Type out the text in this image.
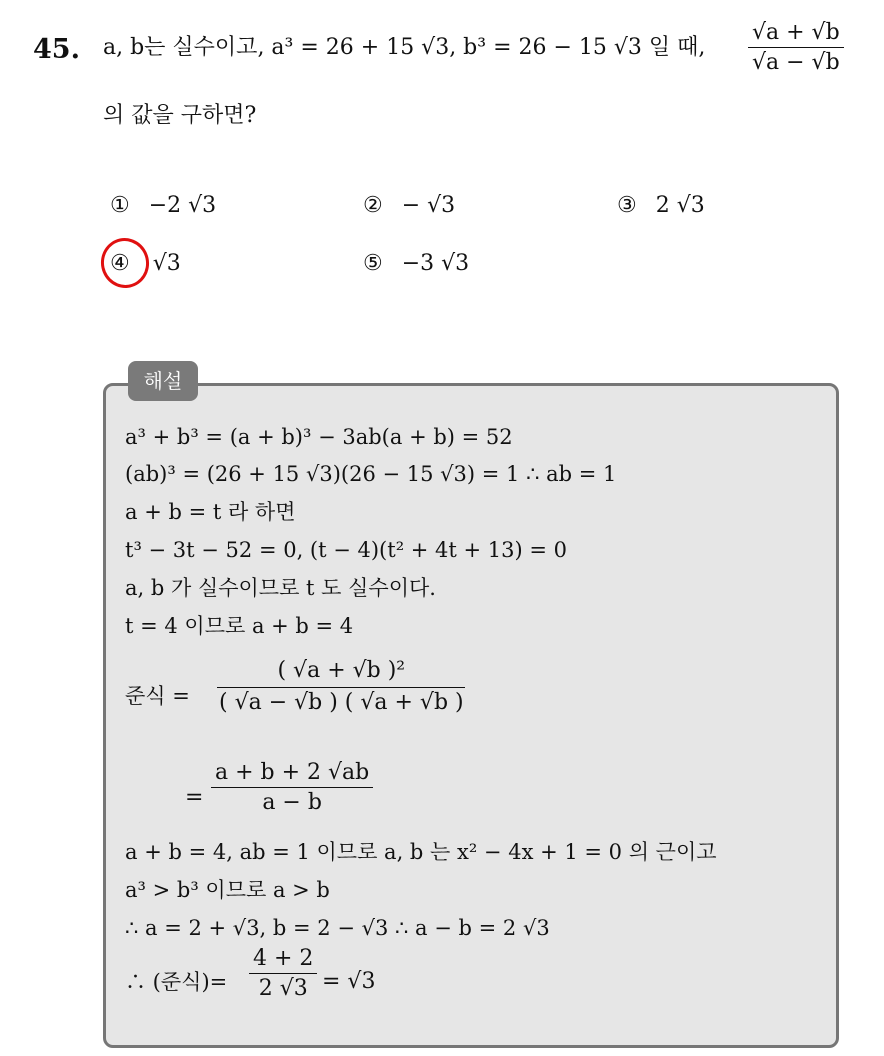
45. a, b는 실수이고, a³ = 26 + 15 √3, b³ = 26 − 15 √3 일 때, $\frac{√a + √b}{√a - √b}$
의 값을 구하면?
① −2 √3	② − √3	③ 2 √3
④ √3	⑤ −3 √3
해설
a³ + b³ = (a + b)³ − 3ab(a + b) = 52
(ab)³ = (26 + 15 √3)(26 − 15 √3) = 1 ∴ ab = 1
a + b = t 라 하면
t³ − 3t − 52 = 0, (t − 4)(t² + 4t + 13) = 0
a, b 가 실수이므로 t 도 실수이다.
t = 4 이므로 a + b = 4
준식 = $\frac{\text{( √a + √b )²}}{( √a - √b ) ( √a + √b )}$
= $\frac{a + b + 2 √ab}{a - b}$
a + b = 4, ab = 1 이므로 a, b 는 x² − 4x + 1 = 0 의 근이고
a³ > b³ 이므로 a > b
∴ a = 2 + √3, b = 2 − √3 ∴ a − b = 2 √3
∴ (준식)= $\frac{4 + 2}{2 √3} = √3$
